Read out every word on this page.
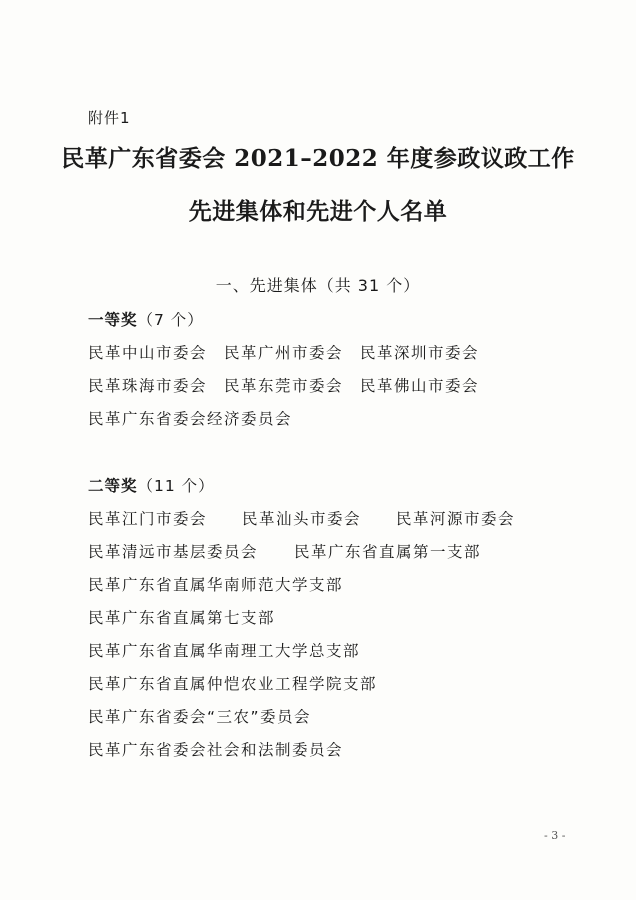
附件1
民革广东省委会 2021–2022 年度参政议政工作
先进集体和先进个人名单
一、先进集体（共 31 个）
一等奖（7 个）
民革中山市委会 民革广州市委会 民革深圳市委会
民革珠海市委会 民革东莞市委会 民革佛山市委会
民革广东省委会经济委员会
二等奖（11 个）
民革江门市委会 民革汕头市委会 民革河源市委会
民革清远市基层委员会 民革广东省直属第一支部
民革广东省直属华南师范大学支部
民革广东省直属第七支部
民革广东省直属华南理工大学总支部
民革广东省直属仲恺农业工程学院支部
民革广东省委会“三农”委员会
民革广东省委会社会和法制委员会
- 3 -
